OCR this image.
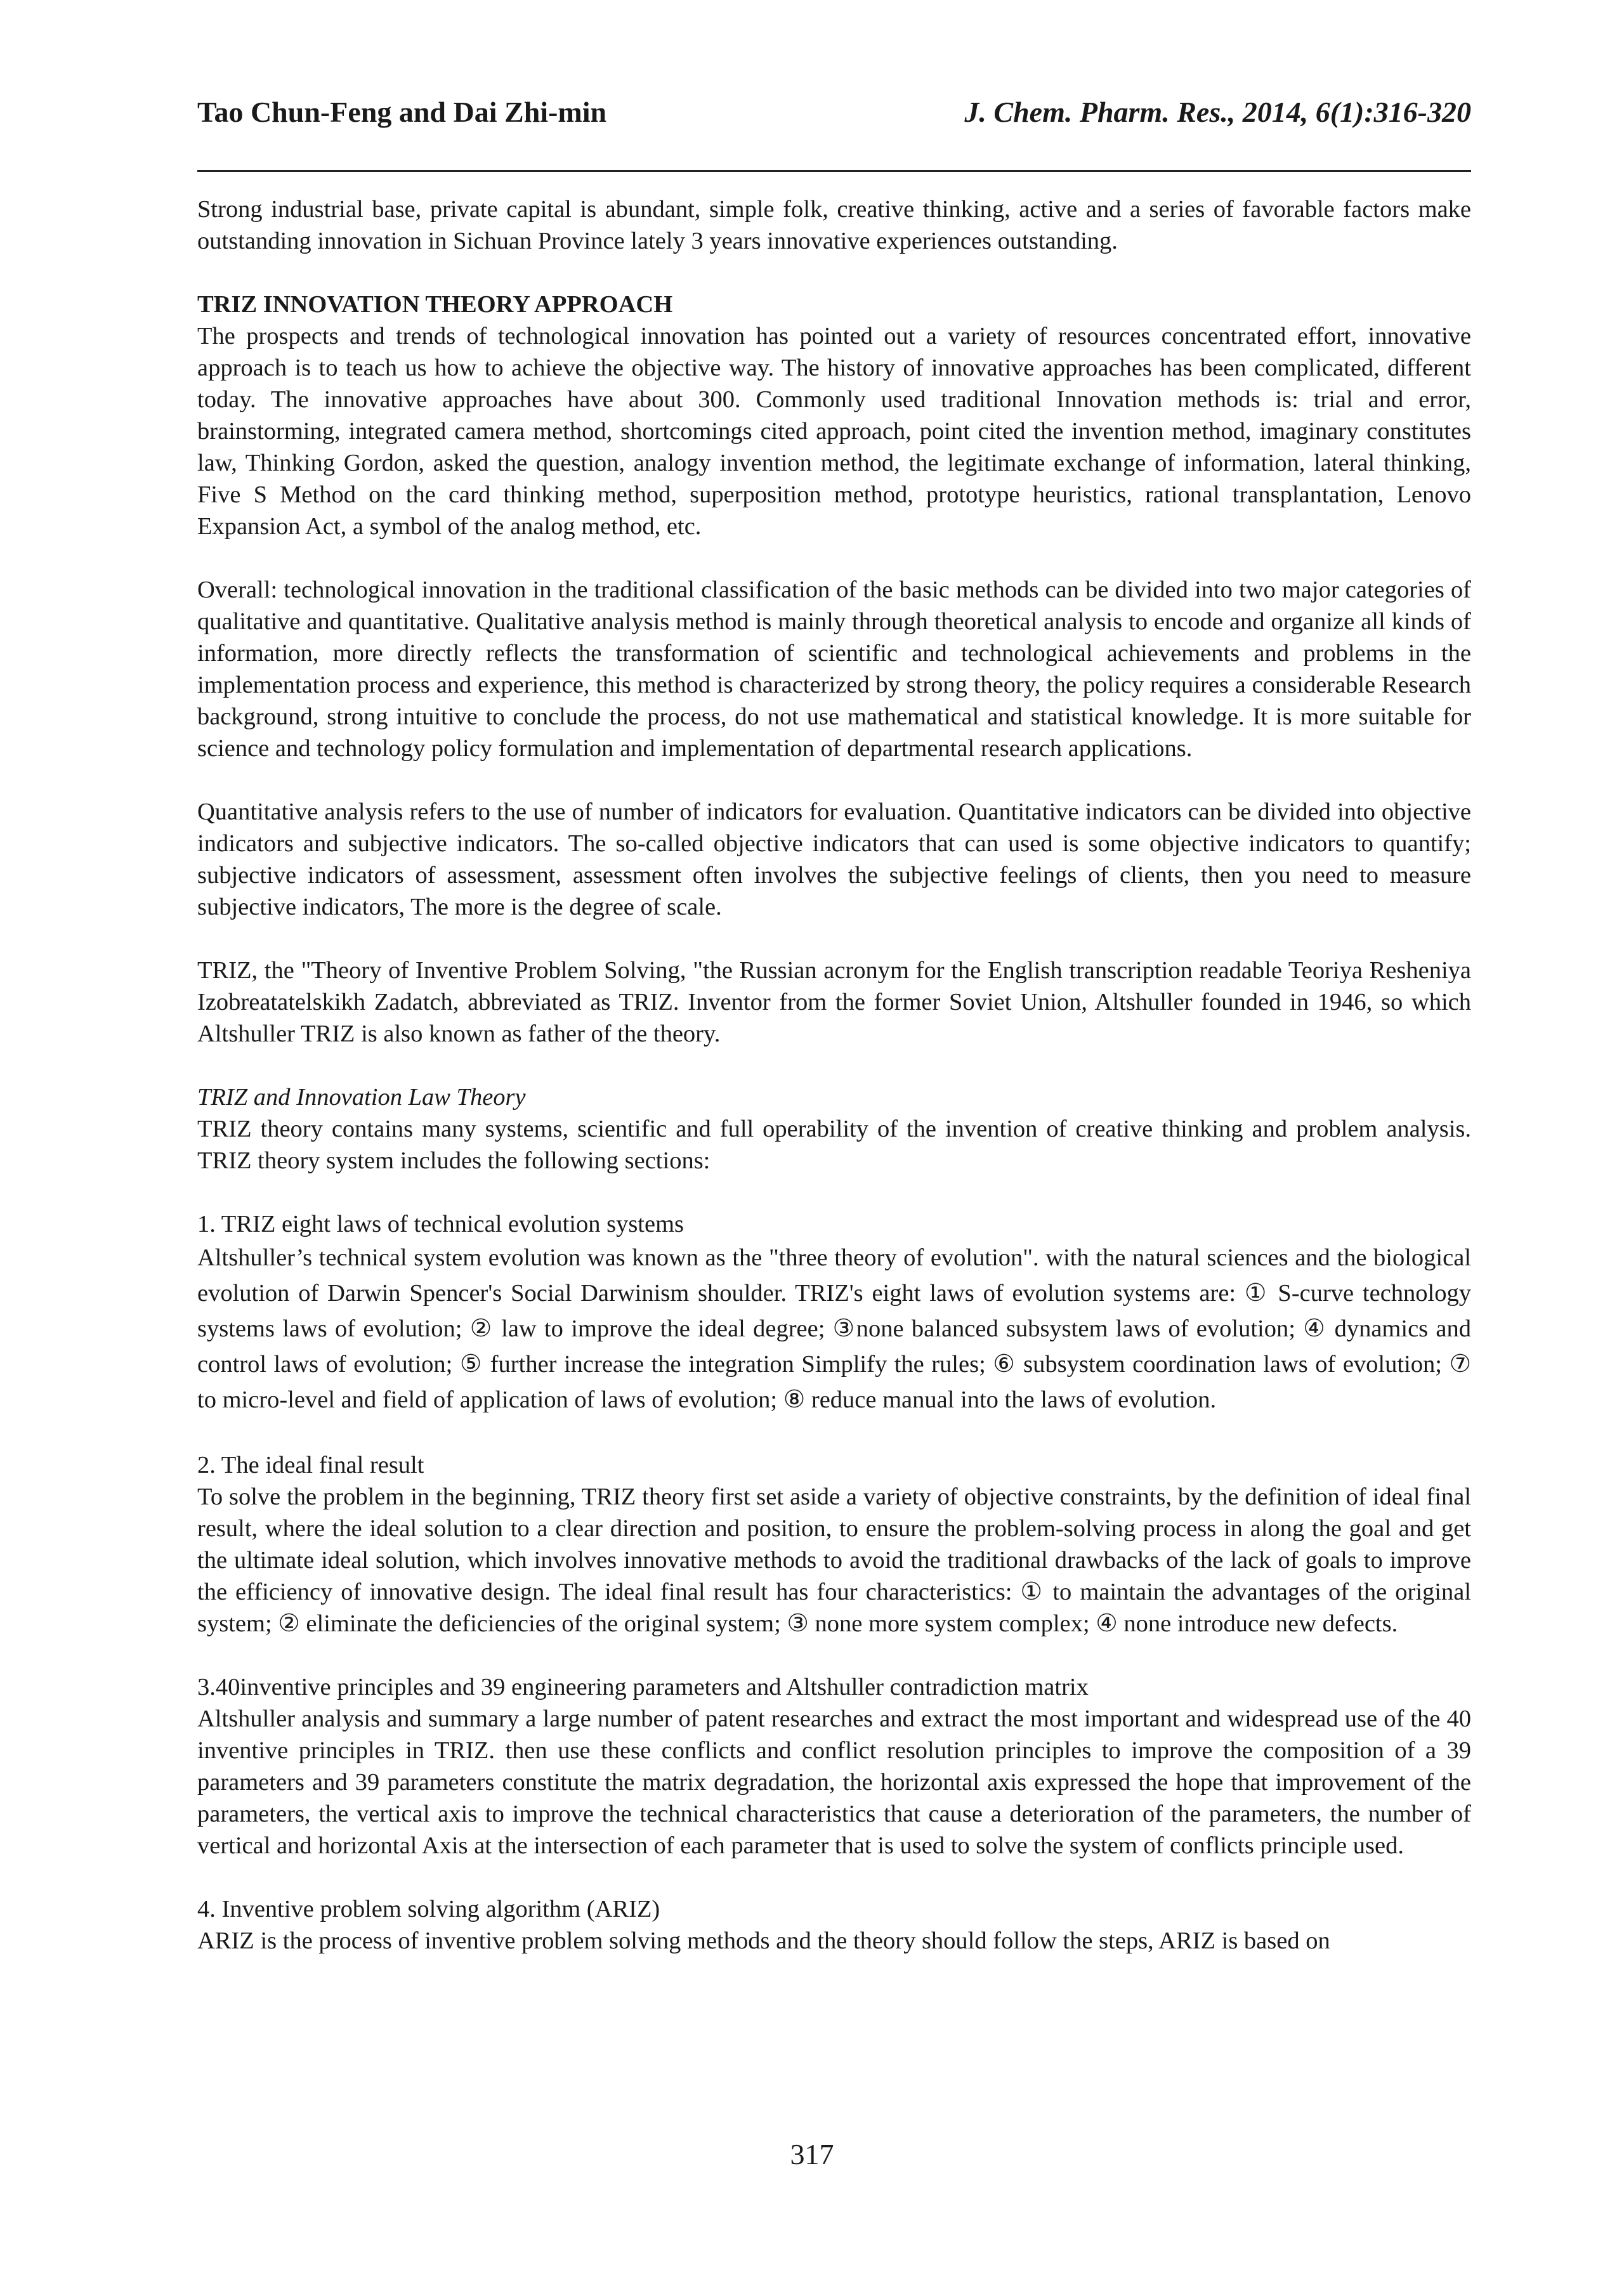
Tao Chun-Feng and Dai Zhi-min	J. Chem. Pharm. Res., 2014, 6(1):316-320

Strong industrial base, private capital is abundant, simple folk, creative thinking, active and a series of favorable factors make outstanding innovation in Sichuan Province lately 3 years innovative experiences outstanding.

TRIZ INNOVATION THEORY APPROACH

The prospects and trends of technological innovation has pointed out a variety of resources concentrated effort, innovative approach is to teach us how to achieve the objective way. The history of innovative approaches has been complicated, different today. The innovative approaches have about 300. Commonly used traditional Innovation methods is: trial and error, brainstorming, integrated camera method, shortcomings cited approach, point cited the invention method, imaginary constitutes law, Thinking Gordon, asked the question, analogy invention method, the legitimate exchange of information, lateral thinking, Five S Method on the card thinking method, superposition method, prototype heuristics, rational transplantation, Lenovo Expansion Act, a symbol of the analog method, etc.

Overall: technological innovation in the traditional classification of the basic methods can be divided into two major categories of qualitative and quantitative. Qualitative analysis method is mainly through theoretical analysis to encode and organize all kinds of information, more directly reflects the transformation of scientific and technological achievements and problems in the implementation process and experience, this method is characterized by strong theory, the policy requires a considerable Research background, strong intuitive to conclude the process, do not use mathematical and statistical knowledge. It is more suitable for science and technology policy formulation and implementation of departmental research applications.

Quantitative analysis refers to the use of number of indicators for evaluation. Quantitative indicators can be divided into objective indicators and subjective indicators. The so-called objective indicators that can used is some objective indicators to quantify; subjective indicators of assessment, assessment often involves the subjective feelings of clients, then you need to measure subjective indicators, The more is the degree of scale.

TRIZ, the "Theory of Inventive Problem Solving, "the Russian acronym for the English transcription readable Teoriya Resheniya Izobreatatelskikh Zadatch, abbreviated as TRIZ. Inventor from the former Soviet Union, Altshuller founded in 1946, so which Altshuller TRIZ is also known as father of the theory.

TRIZ and Innovation Law Theory

TRIZ theory contains many systems, scientific and full operability of the invention of creative thinking and problem analysis. TRIZ theory system includes the following sections:

1. TRIZ eight laws of technical evolution systems

Altshuller’s technical system evolution was known as the "three theory of evolution". with the natural sciences and the biological evolution of Darwin Spencer's Social Darwinism shoulder. TRIZ's eight laws of evolution systems are: ① S-curve technology systems laws of evolution; ② law to improve the ideal degree; ③none balanced subsystem laws of evolution; ④ dynamics and control laws of evolution; ⑤ further increase the integration Simplify the rules; ⑥ subsystem coordination laws of evolution; ⑦ to micro-level and field of application of laws of evolution; ⑧ reduce manual into the laws of evolution.

2. The ideal final result

To solve the problem in the beginning, TRIZ theory first set aside a variety of objective constraints, by the definition of ideal final result, where the ideal solution to a clear direction and position, to ensure the problem-solving process in along the goal and get the ultimate ideal solution, which involves innovative methods to avoid the traditional drawbacks of the lack of goals to improve the efficiency of innovative design. The ideal final result has four characteristics: ① to maintain the advantages of the original system; ② eliminate the deficiencies of the original system; ③ none more system complex; ④ none introduce new defects.

3.40inventive principles and 39 engineering parameters and Altshuller contradiction matrix

Altshuller analysis and summary a large number of patent researches and extract the most important and widespread use of the 40 inventive principles in TRIZ. then use these conflicts and conflict resolution principles to improve the composition of a 39 parameters and 39 parameters constitute the matrix degradation, the horizontal axis expressed the hope that improvement of the parameters, the vertical axis to improve the technical characteristics that cause a deterioration of the parameters, the number of vertical and horizontal Axis at the intersection of each parameter that is used to solve the system of conflicts principle used.

4. Inventive problem solving algorithm (ARIZ)

ARIZ is the process of inventive problem solving methods and the theory should follow the steps, ARIZ is based on

317
